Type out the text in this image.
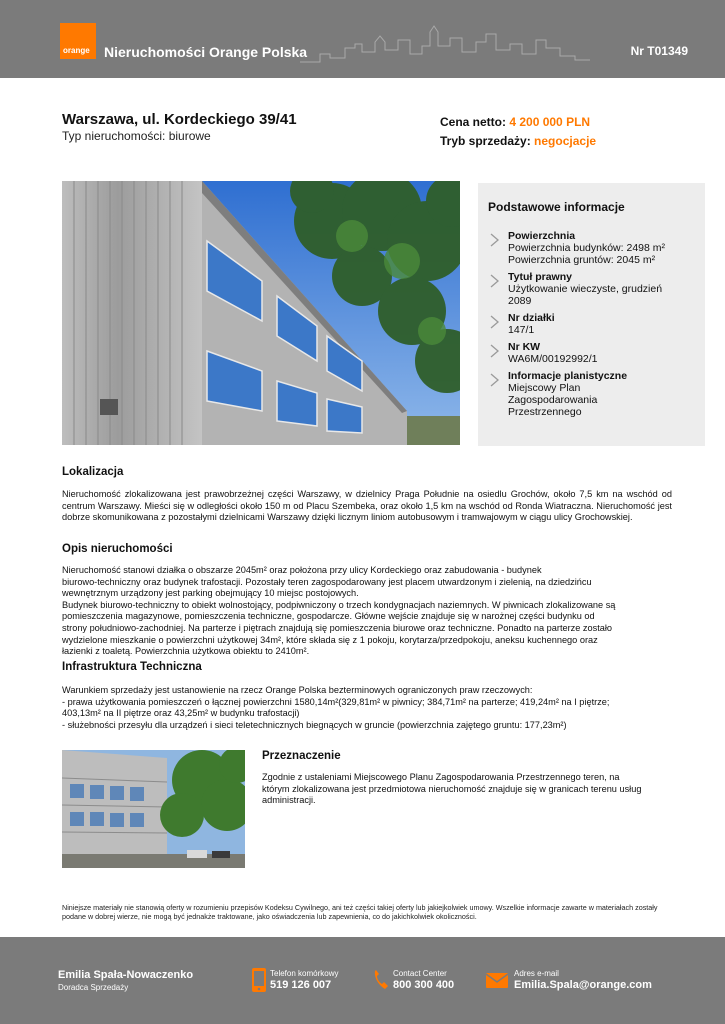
orange Nieruchomości Orange Polska	Nr T01349
Warszawa, ul. Kordeckiego 39/41
Typ nieruchomości: biurowe
Cena netto: 4 200 000 PLN
Tryb sprzedaży: negocjacje
Podstawowe informacje
Powierzchnia
Powierzchnia budynków: 2498 m²
Powierzchnia gruntów: 2045 m²
Tytuł prawny
Użytkowanie wieczyste, grudzień
2089
Nr działki
147/1
Nr KW
WA6M/00192992/1
Informacje planistyczne
Miejscowy Plan
Zagospodarowania
Przestrzennego
Lokalizacja
Nieruchomość zlokalizowana jest prawobrzeżnej części Warszawy, w dzielnicy Praga Południe na osiedlu Grochów, około 7,5 km na wschód od centrum Warszawy. Mieści się w odległości około 150 m od Placu Szembeka, oraz około 1,5 km na wschód od Ronda Wiatraczna. Nieruchomość jest dobrze skomunikowana z pozostałymi dzielnicami Warszawy dzięki licznym liniom autobusowym i tramwajowym w ciągu ulicy Grochowskiej.
Opis nieruchomości
Nieruchomość stanowi działka o obszarze 2045m² oraz położona przy ulicy Kordeckiego oraz zabudowania - budynek
biurowo-techniczny oraz budynek trafostacji. Pozostały teren zagospodarowany jest placem utwardzonym i zielenią, na dziedzińcu
wewnętrznym urządzony jest parking obejmujący 10 miejsc postojowych.
Budynek biurowo-techniczny to obiekt wolnostojący, podpiwniczony o trzech kondygnacjach naziemnych. W piwnicach zlokalizowane są
pomieszczenia magazynowe, pomieszczenia techniczne, gospodarcze. Główne wejście znajduje się w narożnej części budynku od
strony południowo-zachodniej. Na parterze i piętrach znajdują się pomieszczenia biurowe oraz techniczne. Ponadto na parterze zostało
wydzielone mieszkanie o powierzchni użytkowej 34m², które składa się z 1 pokoju, korytarza/przedpokoju, aneksu kuchennego oraz
łazienki z toaletą. Powierzchnia użytkowa obiektu to 2410m².
Infrastruktura Techniczna
Warunkiem sprzedaży jest ustanowienie na rzecz Orange Polska bezterminowych ograniczonych praw rzeczowych:
- prawa użytkowania pomieszczeń o łącznej powierzchni 1580,14m²(329,81m² w piwnicy; 384,71m² na parterze; 419,24m² na I piętrze;
403,13m² na II piętrze oraz 43,25m² w budynku trafostacji)
- służebności przesyłu dla urządzeń i sieci teletechnicznych biegnących w gruncie (powierzchnia zajętego gruntu: 177,23m²)
Przeznaczenie
Zgodnie z ustaleniami Miejscowego Planu Zagospodarowania Przestrzennego teren, na którym zlokalizowana jest przedmiotowa nieruchomość znajduje się w granicach terenu usług administracji.
Niniejsze materiały nie stanowią oferty w rozumieniu przepisów Kodeksu Cywilnego, ani też części takiej oferty lub jakiejkolwiek umowy. Wszelkie informacje zawarte w materiałach zostały podane w dobrej wierze, nie mogą być jednakże traktowane, jako oświadczenia lub zapewnienia, co do jakichkolwiek okoliczności.
Emilia Spała-Nowaczenko
Doradca Sprzedaży
Telefon komórkowy
519 126 007
Contact Center
800 300 400
Adres e-mail
Emilia.Spala@orange.com
